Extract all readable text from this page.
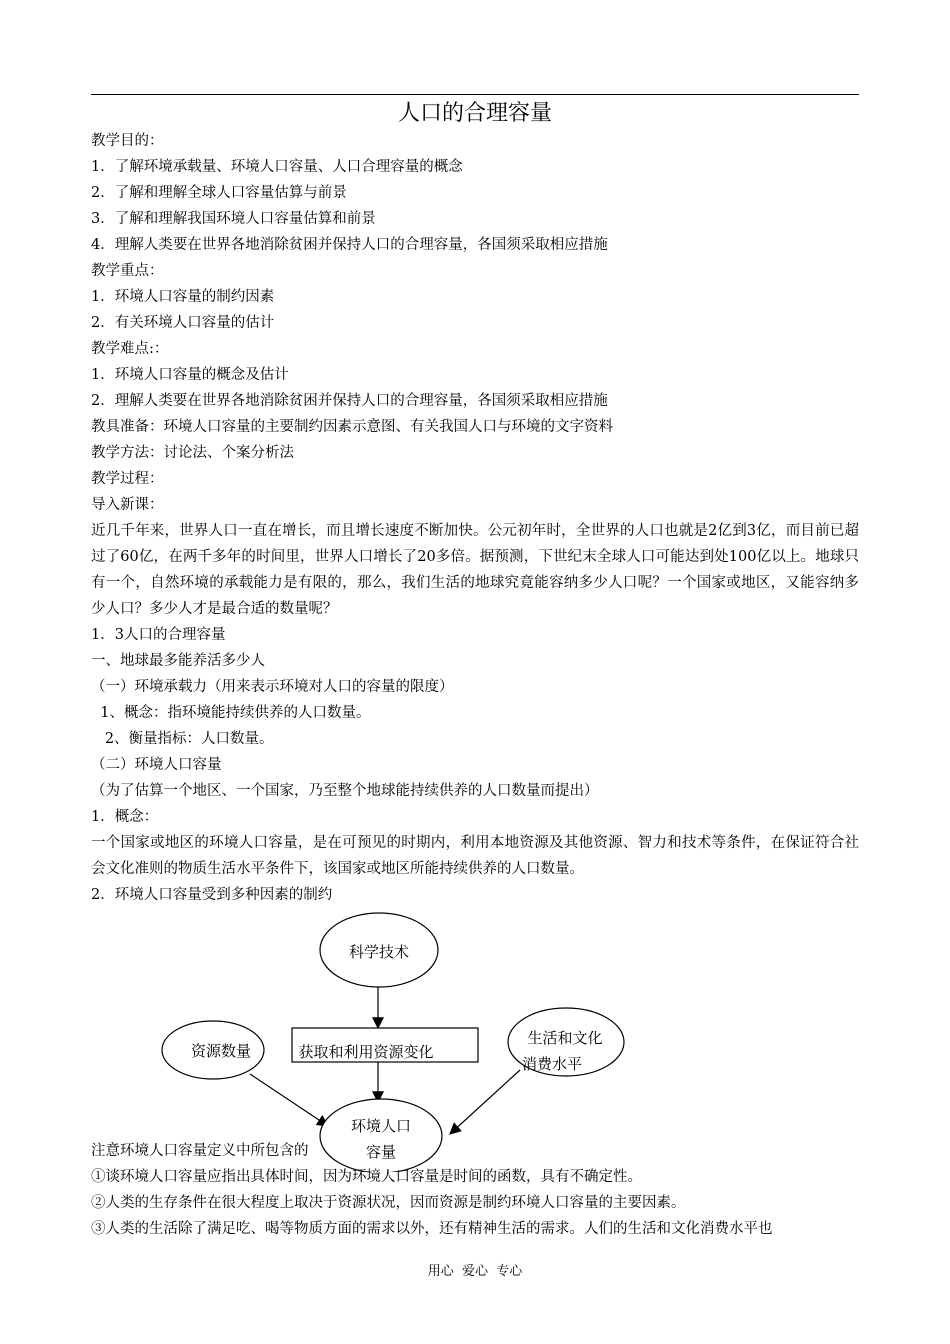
人口的合理容量
教学目的：
1．了解环境承载量、环境人口容量、人口合理容量的概念
2．了解和理解全球人口容量估算与前景
3．了解和理解我国环境人口容量估算和前景
4．理解人类要在世界各地消除贫困并保持人口的合理容量，各国须采取相应措施
教学重点：
1．环境人口容量的制约因素
2．有关环境人口容量的估计
教学难点:：
1．环境人口容量的概念及估计
2．理解人类要在世界各地消除贫困并保持人口的合理容量，各国须采取相应措施
教具准备：环境人口容量的主要制约因素示意图、有关我国人口与环境的文字资料
教学方法：讨论法、个案分析法
教学过程：
导入新课：
近几千年来，世界人口一直在增长，而且增长速度不断加快。公元初年时，全世界的人口也就是2亿到3亿，而目前已超过了60亿，在两千多年的时间里，世界人口增长了20多倍。据预测，下世纪末全球人口可能达到处100亿以上。地球只有一个，自然环境的承载能力是有限的，那么，我们生活的地球究竟能容纳多少人口呢？一个国家或地区，又能容纳多少人口？多少人才是最合适的数量呢？
1．3人口的合理容量
一、地球最多能养活多少人
（一）环境承载力（用来表示环境对人口的容量的限度）
1、概念：指环境能持续供养的人口数量。
2、衡量指标：人口数量。
（二）环境人口容量
（为了估算一个地区、一个国家，乃至整个地球能持续供养的人口数量而提出）
1．概念：
一个国家或地区的环境人口容量，是在可预见的时期内，利用本地资源及其他资源、智力和技术等条件，在保证符合社会文化准则的物质生活水平条件下，该国家或地区所能持续供养的人口数量。
2．环境人口容量受到多种因素的制约
科学技术
资源数量	获取和利用资源变化
生活和文化
消费水平
环境人口
容量
注意环境人口容量定义中所包含的
①谈环境人口容量应指出具体时间，因为环境人口容量是时间的函数，具有不确定性。
②人类的生存条件在很大程度上取决于资源状况，因而资源是制约环境人口容量的主要因素。
③人类的生活除了满足吃、喝等物质方面的需求以外，还有精神生活的需求。人们的生活和文化消费水平也
用心  爱心  专心
